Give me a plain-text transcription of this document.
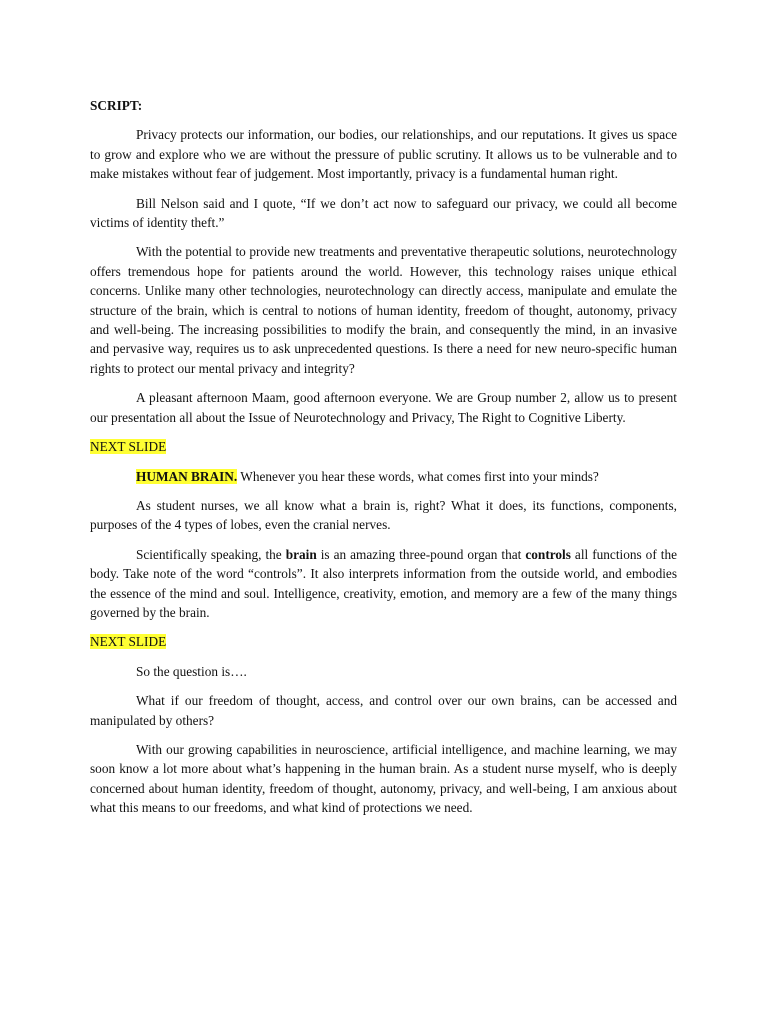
SCRIPT:

Privacy protects our information, our bodies, our relationships, and our reputations. It gives us space to grow and explore who we are without the pressure of public scrutiny. It allows us to be vulnerable and to make mistakes without fear of judgement. Most importantly, privacy is a fundamental human right.

Bill Nelson said and I quote, “If we don’t act now to safeguard our privacy, we could all become victims of identity theft.”

With the potential to provide new treatments and preventative therapeutic solutions, neurotechnology offers tremendous hope for patients around the world. However, this technology raises unique ethical concerns. Unlike many other technologies, neurotechnology can directly access, manipulate and emulate the structure of the brain, which is central to notions of human identity, freedom of thought, autonomy, privacy and well-being. The increasing possibilities to modify the brain, and consequently the mind, in an invasive and pervasive way, requires us to ask unprecedented questions. Is there a need for new neuro-specific human rights to protect our mental privacy and integrity?

A pleasant afternoon Maam, good afternoon everyone. We are Group number 2, allow us to present our presentation all about the Issue of Neurotechnology and Privacy, The Right to Cognitive Liberty.

NEXT SLIDE

HUMAN BRAIN. Whenever you hear these words, what comes first into your minds?

As student nurses, we all know what a brain is, right? What it does, its functions, components, purposes of the 4 types of lobes, even the cranial nerves.

Scientifically speaking, the brain is an amazing three-pound organ that controls all functions of the body. Take note of the word “controls”. It also interprets information from the outside world, and embodies the essence of the mind and soul. Intelligence, creativity, emotion, and memory are a few of the many things governed by the brain.

NEXT SLIDE

So the question is….

What if our freedom of thought, access, and control over our own brains, can be accessed and manipulated by others?

With our growing capabilities in neuroscience, artificial intelligence, and machine learning, we may soon know a lot more about what’s happening in the human brain. As a student nurse myself, who is deeply concerned about human identity, freedom of thought, autonomy, privacy, and well-being, I am anxious about what this means to our freedoms, and what kind of protections we need.
